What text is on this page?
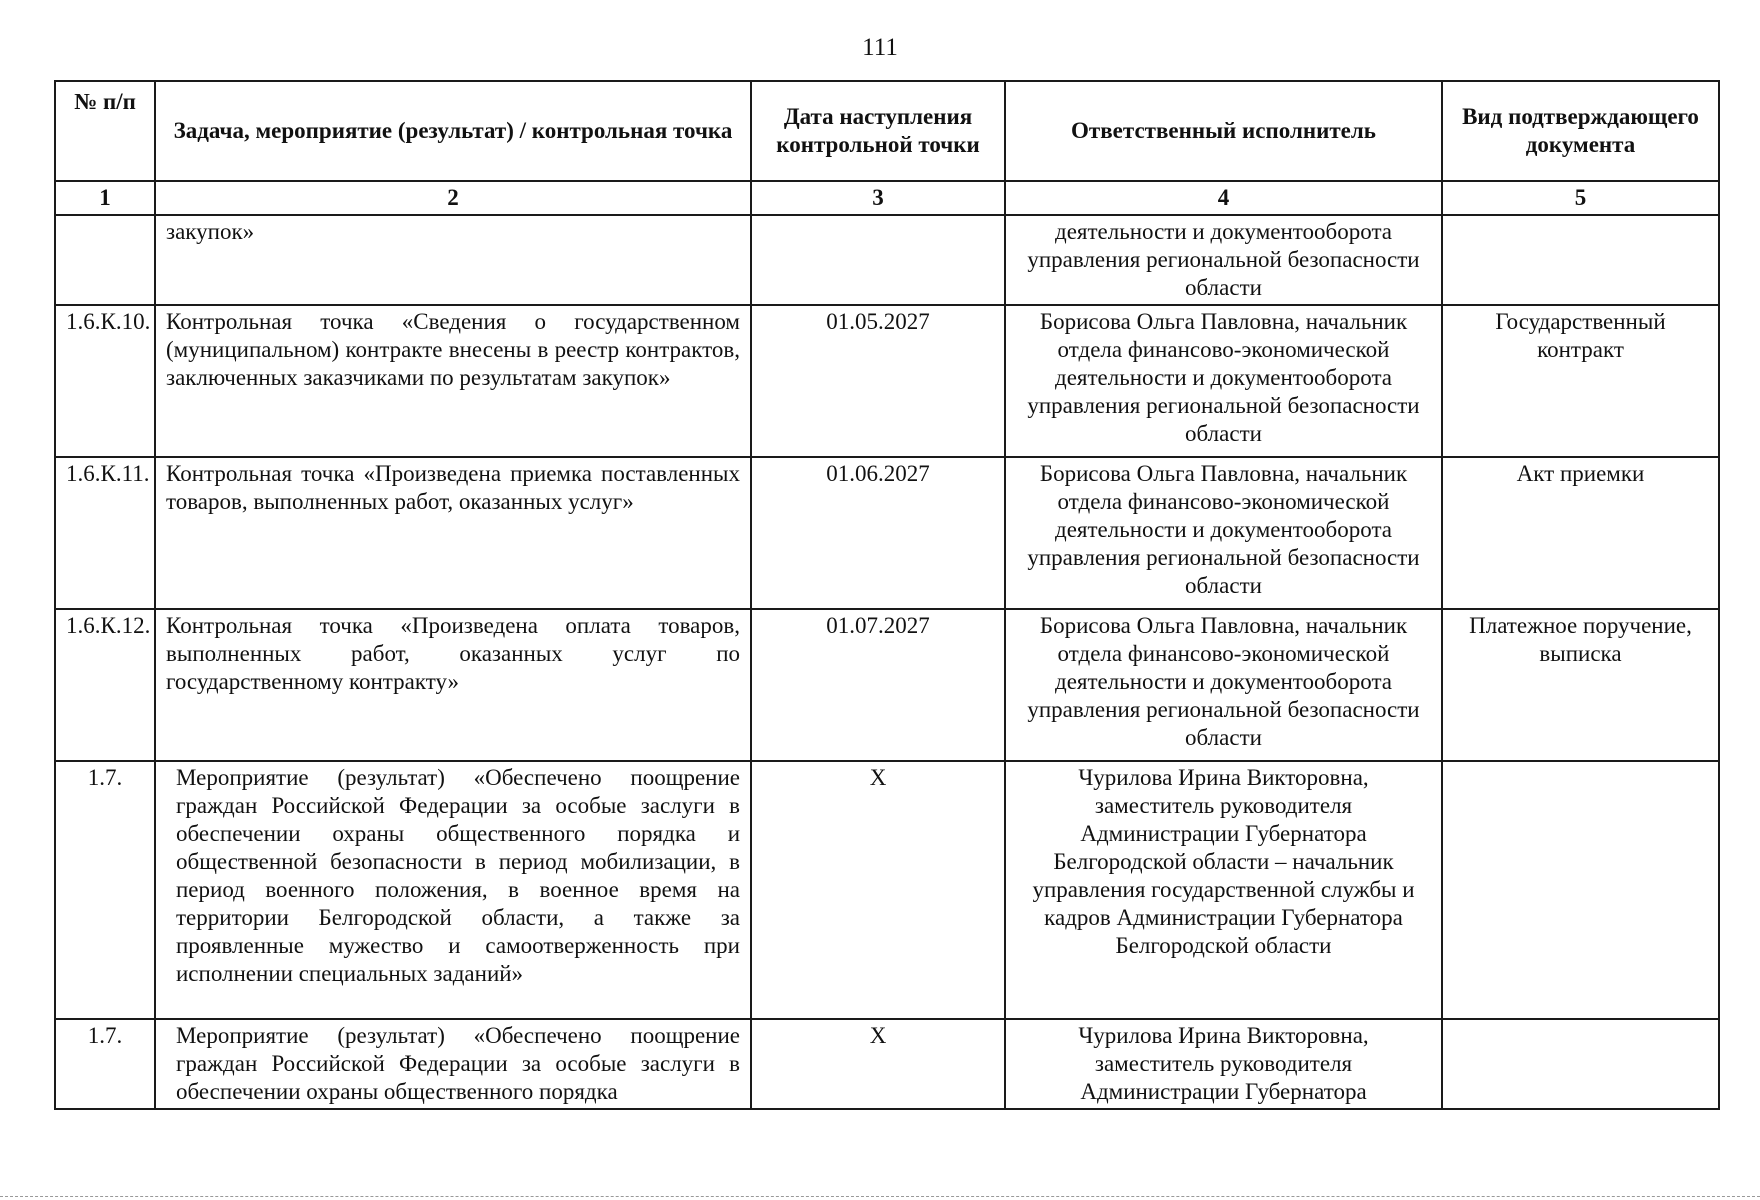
111
№ п/п	Задача, мероприятие (результат) / контрольная точка	Дата наступления контрольной точки	Ответственный исполнитель	Вид подтверждающего документа
1	2	3	4	5
	закупок»		деятельности и документооборота управления региональной безопасности области	
1.6.К.10.	Контрольная точка «Сведения о государственном (муниципальном) контракте внесены в реестр контрактов, заключенных заказчиками по результатам закупок»	01.05.2027	Борисова Ольга Павловна, начальник отдела финансово-экономической деятельности и документооборота управления региональной безопасности области	Государственный контракт
1.6.К.11.	Контрольная точка «Произведена приемка поставленных товаров, выполненных работ, оказанных услуг»	01.06.2027	Борисова Ольга Павловна, начальник отдела финансово-экономической деятельности и документооборота управления региональной безопасности области	Акт приемки
1.6.К.12.	Контрольная точка «Произведена оплата товаров, выполненных работ, оказанных услуг по государственному контракту»	01.07.2027	Борисова Ольга Павловна, начальник отдела финансово-экономической деятельности и документооборота управления региональной безопасности области	Платежное поручение, выписка
1.7.	Мероприятие (результат) «Обеспечено поощрение граждан Российской Федерации за особые заслуги в обеспечении охраны общественного порядка и общественной безопасности в период мобилизации, в период военного положения, в военное время на территории Белгородской области, а также за проявленные мужество и самоотверженность при исполнении специальных заданий»	Х	Чурилова Ирина Викторовна, заместитель руководителя Администрации Губернатора Белгородской области – начальник управления государственной службы и кадров Администрации Губернатора Белгородской области	
1.7.	Мероприятие (результат) «Обеспечено поощрение граждан Российской Федерации за особые заслуги в обеспечении охраны общественного порядка	Х	Чурилова Ирина Викторовна, заместитель руководителя Администрации Губернатора	
